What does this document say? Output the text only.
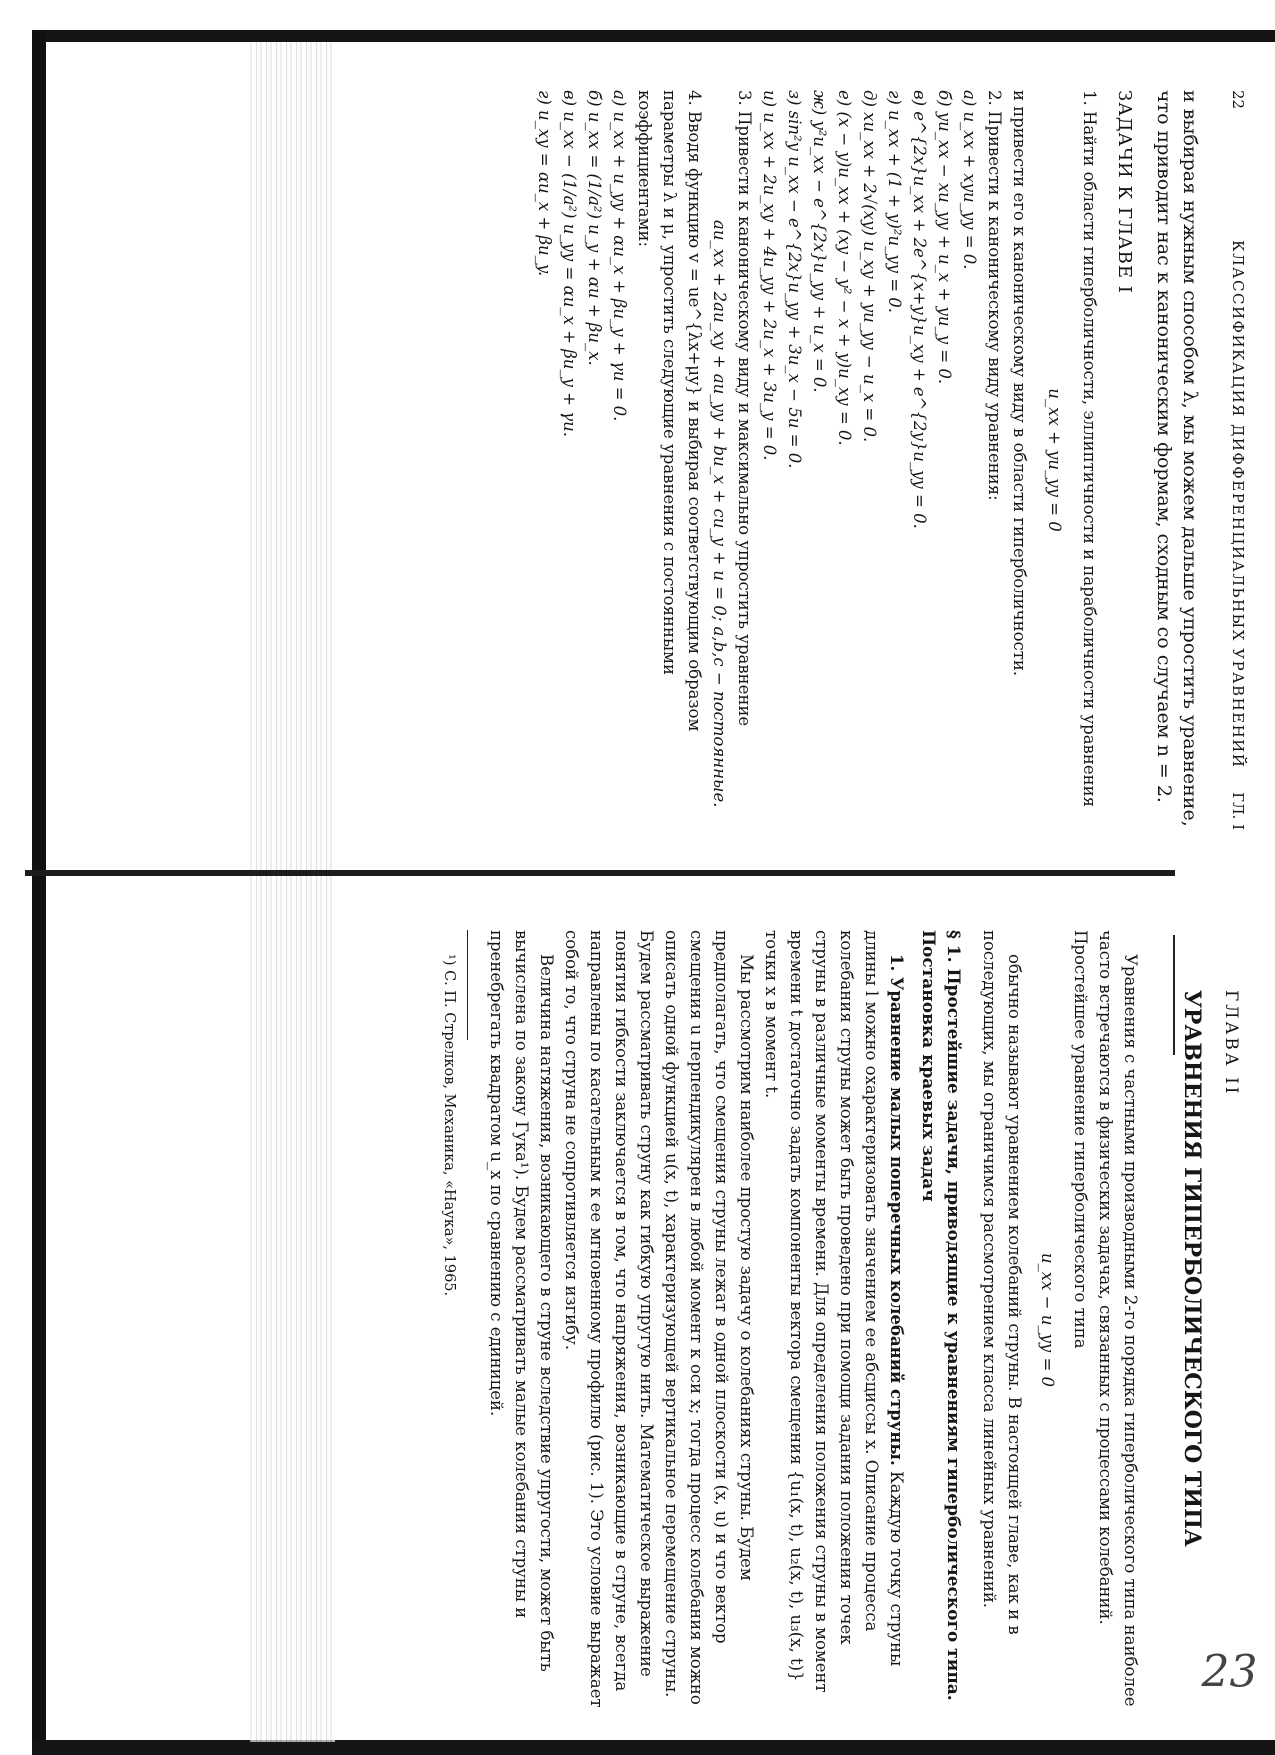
22
КЛАССИФИКАЦИЯ ДИФФЕРЕНЦИАЛЬНЫХ УРАВНЕНИЙ
ГЛ. I

и выбирая нужным способом λ, мы можем дальше упростить уравнение, что приводит нас к каноническим формам, сходным со случаем n = 2.

ЗАДАЧИ К ГЛАВЕ I

1. Найти области гиперболичности, эллиптичности и параболичности уравнения

u_xx + yu_yy = 0

и привести его к каноническому виду в области гиперболичности.

2. Привести к каноническому виду уравнения:

а) u_xx + xyu_yy = 0.
б) yu_xx − xu_yy + u_x + yu_y = 0.
в) e^{2x}u_xx + 2e^{x+y}u_xy + e^{2y}u_yy = 0.
г) u_xx + (1 + y)²u_yy = 0.
д) xu_xx + 2√(xy) u_xy + yu_yy − u_x = 0.
е) (x − y)u_xx + (xy − y² − x + y)u_xy = 0.
ж) y²u_xx − e^{2x}u_yy + u_x = 0.
з) sin²y u_xx − e^{2x}u_yy + 3u_x − 5u = 0.
и) u_xx + 2u_xy + 4u_yy + 2u_x + 3u_y = 0.

3. Привести к каноническому виду и максимально упростить уравнение

au_xx + 2au_xy + au_yy + bu_x + cu_y + u = 0; a,b,c − постоянные.

4. Вводя функцию v = ue^{λx+μy} и выбирая соответствующим образом параметры λ и μ, упростить следующие уравнения с постоянными коэффициентами:

а) u_xx + u_yy + αu_x + βu_y + γu = 0.
б) u_xx = (1/a²) u_y + αu + βu_x.
в) u_xx − (1/a²) u_yy = αu_x + βu_y + γu.
г) u_xy = αu_x + βu_y.
23
ГЛАВА II
УРАВНЕНИЯ ГИПЕРБОЛИЧЕСКОГО ТИПА

Уравнения с частными производными 2-го порядка гиперболического типа наиболее часто встречаются в физических задачах, связанных с процессами колебаний. Простейшее уравнение гиперболического типа

u_xx − u_yy = 0

обычно называют уравнением колебаний струны. В настоящей главе, как и в последующих, мы ограничимся рассмотрением класса линейных уравнений.

§ 1. Простейшие задачи, приводящие к уравнениям гиперболического типа. Постановка краевых задач

1. Уравнение малых поперечных колебаний струны. Каждую точку струны длины l можно охарактеризовать значением ее абсциссы x. Описание процесса колебания струны может быть проведено при помощи задания положения точек струны в различные моменты времени. Для определения положения струны в момент времени t достаточно задать компоненты вектора смещения {u₁(x, t), u₂(x, t), u₃(x, t)} точки x в момент t.

Мы рассмотрим наиболее простую задачу о колебаниях струны. Будем предполагать, что смещения струны лежат в одной плоскости (x, u) и что вектор смещения u перпендикулярен в любой момент к оси x; тогда процесс колебания можно описать одной функцией u(x, t), характеризующей вертикальное перемещение струны. Будем рассматривать струну как гибкую упругую нить. Математическое выражение понятия гибкости заключается в том, что напряжения, возникающие в струне, всегда направлены по касательным к ее мгновенному профилю (рис. 1). Это условие выражает собой то, что струна не сопротивляется изгибу.

Величина натяжения, возникающего в струне вследствие упругости, может быть вычислена по закону Гука¹). Будем рассматривать малые колебания струны и пренебрегать квадратом u_x по сравнению с единицей.

¹) С. П. Стрелков, Механика, «Наука», 1965.
